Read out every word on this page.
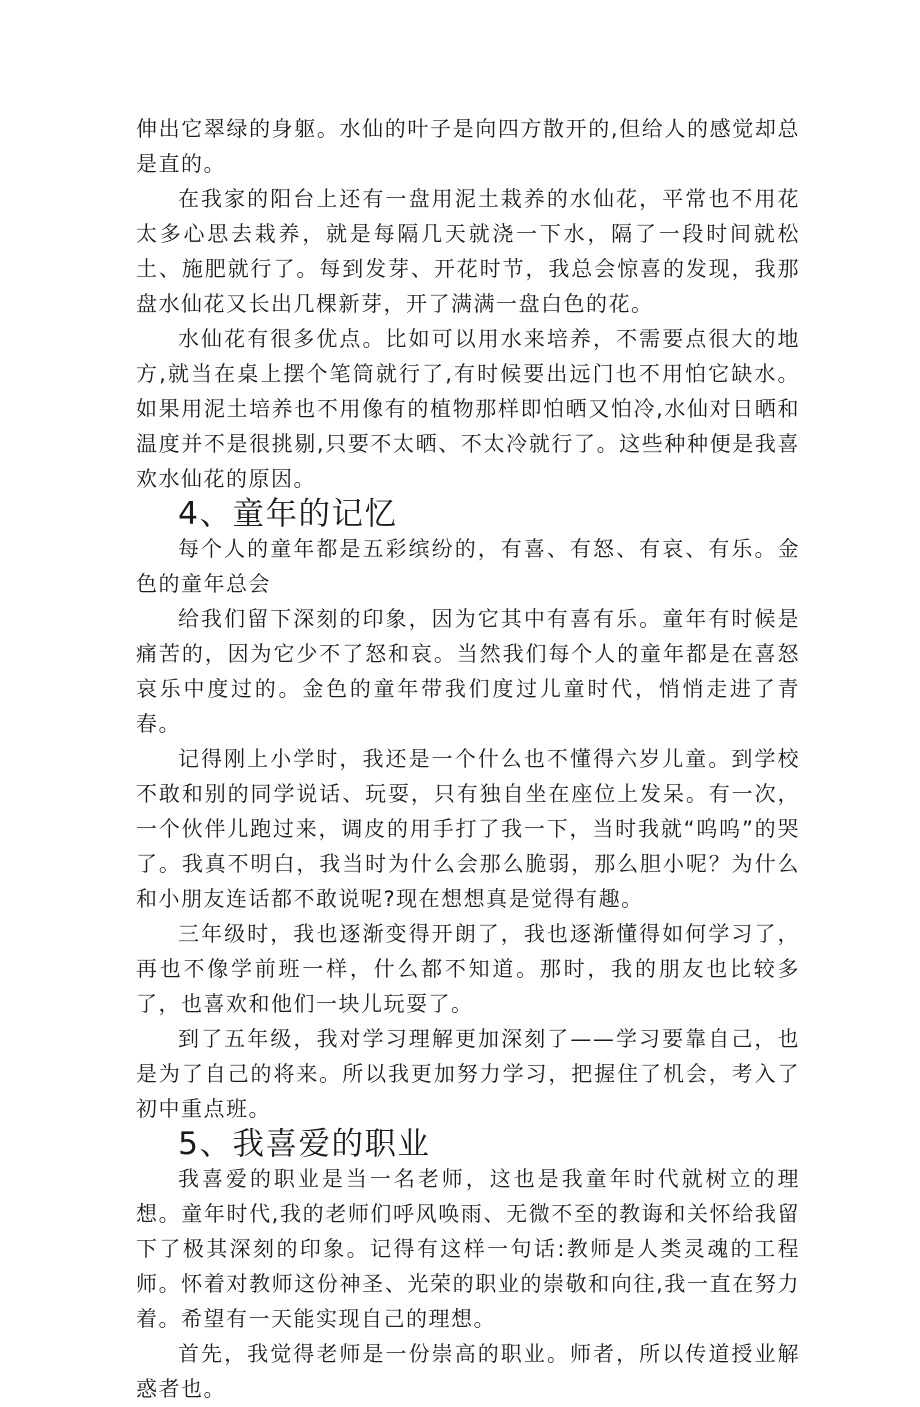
伸出它翠绿的身躯。水仙的叶子是向四方散开的,但给人的感觉却总是直的。

在我家的阳台上还有一盘用泥土栽养的水仙花，平常也不用花太多心思去栽养，就是每隔几天就浇一下水，隔了一段时间就松土、施肥就行了。每到发芽、开花时节，我总会惊喜的发现，我那盘水仙花又长出几棵新芽，开了满满一盘白色的花。

水仙花有很多优点。比如可以用水来培养，不需要点很大的地方,就当在桌上摆个笔筒就行了,有时候要出远门也不用怕它缺水。如果用泥土培养也不用像有的植物那样即怕晒又怕冷,水仙对日晒和温度并不是很挑剔,只要不太晒、不太冷就行了。这些种种便是我喜欢水仙花的原因。

4、童年的记忆

每个人的童年都是五彩缤纷的，有喜、有怒、有哀、有乐。金色的童年总会

给我们留下深刻的印象，因为它其中有喜有乐。童年有时候是痛苦的，因为它少不了怒和哀。当然我们每个人的童年都是在喜怒哀乐中度过的。金色的童年带我们度过儿童时代，悄悄走进了青春。

记得刚上小学时，我还是一个什么也不懂得六岁儿童。到学校不敢和别的同学说话、玩耍，只有独自坐在座位上发呆。有一次，一个伙伴儿跑过来，调皮的用手打了我一下，当时我就“呜呜”的哭了。我真不明白，我当时为什么会那么脆弱，那么胆小呢？为什么和小朋友连话都不敢说呢?现在想想真是觉得有趣。

三年级时，我也逐渐变得开朗了，我也逐渐懂得如何学习了，再也不像学前班一样，什么都不知道。那时，我的朋友也比较多了，也喜欢和他们一块儿玩耍了。

到了五年级，我对学习理解更加深刻了——学习要靠自己，也是为了自己的将来。所以我更加努力学习，把握住了机会，考入了初中重点班。

5、我喜爱的职业

我喜爱的职业是当一名老师，这也是我童年时代就树立的理想。童年时代,我的老师们呼风唤雨、无微不至的教诲和关怀给我留下了极其深刻的印象。记得有这样一句话:教师是人类灵魂的工程师。怀着对教师这份神圣、光荣的职业的崇敬和向往,我一直在努力着。希望有一天能实现自己的理想。

首先，我觉得老师是一份崇高的职业。师者，所以传道授业解惑者也。
